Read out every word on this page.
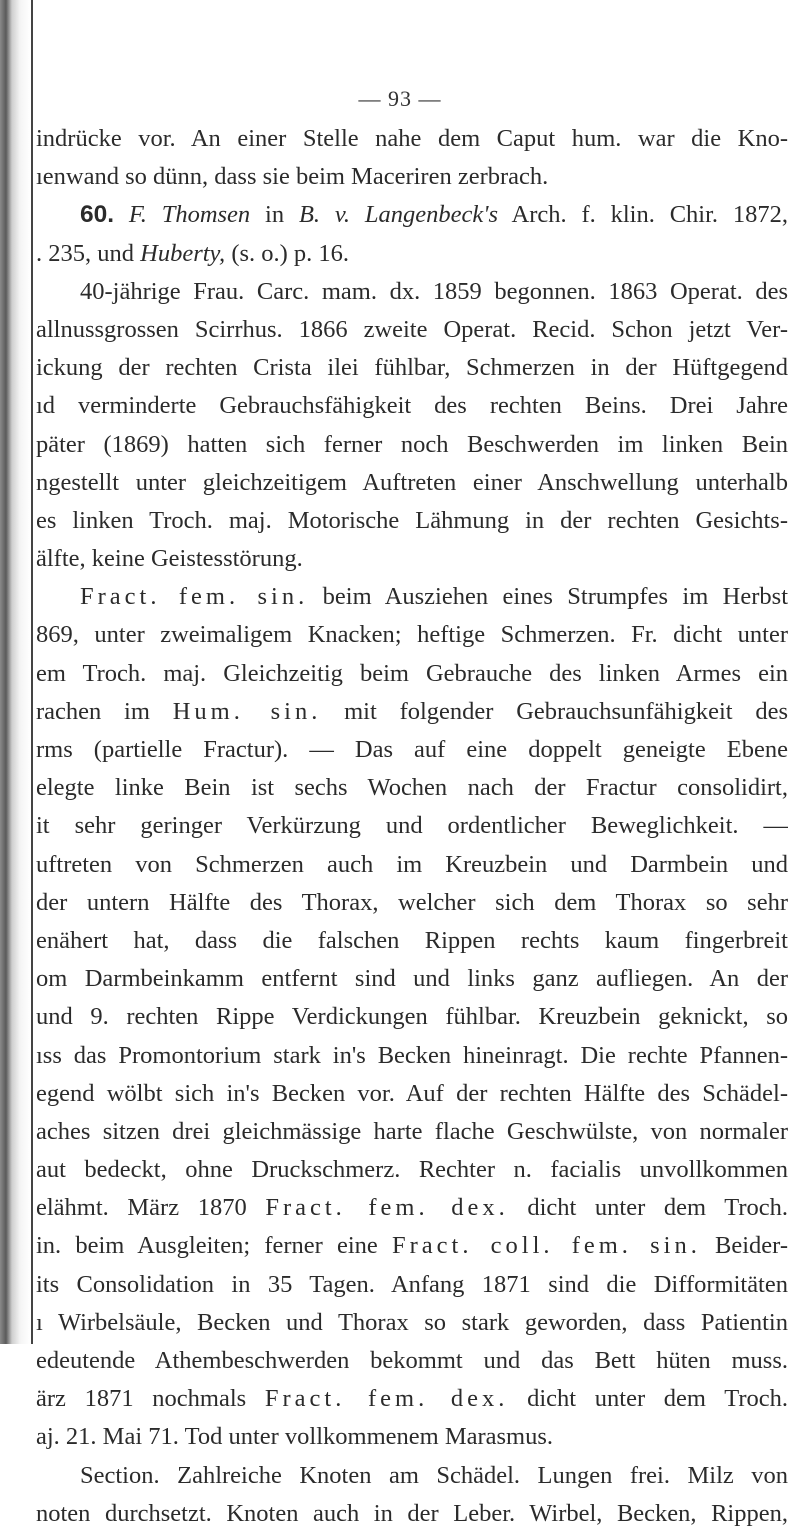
— 93 —
indrücke vor. An einer Stelle nahe dem Caput hum. war die Kno-
ıenwand so dünn, dass sie beim Maceriren zerbrach.
60. F. Thomsen in B. v. Langenbeck's Arch. f. klin. Chir. 1872,
. 235, und Huberty, (s. o.) p. 16.
40-jährige Frau. Carc. mam. dx. 1859 begonnen. 1863 Operat. des
allnussgrossen Scirrhus. 1866 zweite Operat. Recid. Schon jetzt Ver-
ickung der rechten Crista ilei fühlbar, Schmerzen in der Hüftgegend
ıd verminderte Gebrauchsfähigkeit des rechten Beins. Drei Jahre
päter (1869) hatten sich ferner noch Beschwerden im linken Bein
ngestellt unter gleichzeitigem Auftreten einer Anschwellung unterhalb
es linken Troch. maj. Motorische Lähmung in der rechten Gesichts-
älfte, keine Geistesstörung.
Fract. fem. sin. beim Ausziehen eines Strumpfes im Herbst
869, unter zweimaligem Knacken; heftige Schmerzen. Fr. dicht unter
em Troch. maj. Gleichzeitig beim Gebrauche des linken Armes ein
rachen im Hum. sin. mit folgender Gebrauchsunfähigkeit des
rms (partielle Fractur). — Das auf eine doppelt geneigte Ebene
elegte linke Bein ist sechs Wochen nach der Fractur consolidirt,
it sehr geringer Verkürzung und ordentlicher Beweglichkeit. —
uftreten von Schmerzen auch im Kreuzbein und Darmbein und
der untern Hälfte des Thorax, welcher sich dem Thorax so sehr
enähert hat, dass die falschen Rippen rechts kaum fingerbreit
om Darmbeinkamm entfernt sind und links ganz aufliegen. An der
und 9. rechten Rippe Verdickungen fühlbar. Kreuzbein geknickt, so
ıss das Promontorium stark in's Becken hineinragt. Die rechte Pfannen-
egend wölbt sich in's Becken vor. Auf der rechten Hälfte des Schädel-
aches sitzen drei gleichmässige harte flache Geschwülste, von normaler
aut bedeckt, ohne Druckschmerz. Rechter n. facialis unvollkommen
elähmt. März 1870 Fract. fem. dex. dicht unter dem Troch.
in. beim Ausgleiten; ferner eine Fract. coll. fem. sin. Beider-
its Consolidation in 35 Tagen. Anfang 1871 sind die Difformitäten
ı Wirbelsäule, Becken und Thorax so stark geworden, dass Patientin
edeutende Athembeschwerden bekommt und das Bett hüten muss.
ärz 1871 nochmals Fract. fem. dex. dicht unter dem Troch.
aj. 21. Mai 71. Tod unter vollkommenem Marasmus.
Section. Zahlreiche Knoten am Schädel. Lungen frei. Milz von
noten durchsetzt. Knoten auch in der Leber. Wirbel, Becken, Rippen,
